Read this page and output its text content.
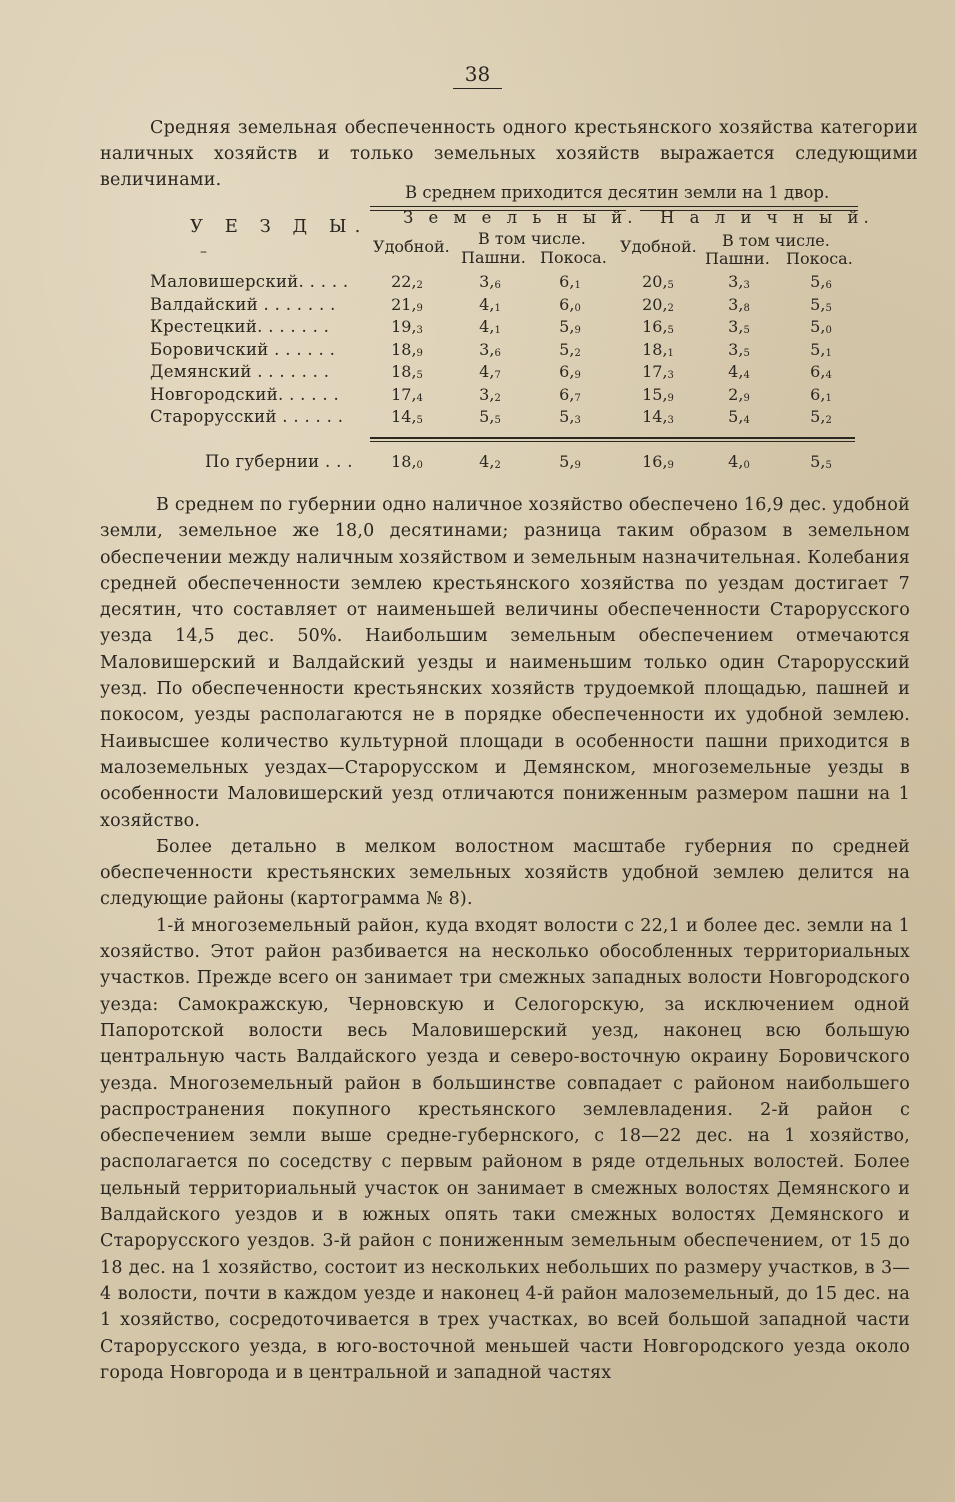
38
Средняя земельная обеспеченность одного крестьянского хозяйства категории наличных хозяйств и только земельных хозяйств выражается следующими величинами.
В среднем приходится десятин земли на 1 двор.
У Е З Д Ы.
–
З е м е л ь н ы й. Н а л и ч н ы й.
Удобной. В том числе.
Пашни. Покоса.
Удобной. В том числе.
Пашни. Покоса.
Маловишерский. . . . .	$22,_2$	$3,_6$	$6,_1$	$20,_5$	$3,_3$	$5,_6$
Валдайский . . . . . . .	$21,_9$	$4,_1$	$6,_0$	$20,_2$	$3,_8$	$5,_5$
Крестецкий. . . . . . .	$19,_3$	$4,_1$	$5,_9$	$16,_5$	$3,_5$	$5,_0$
Боровичский . . . . . .	$18,_9$	$3,_6$	$5,_2$	$18,_1$	$3,_5$	$5,_1$
Демянский . . . . . . .	$18,_5$	$4,_7$	$6,_9$	$17,_3$	$4,_4$	$6,_4$
Новгородский. . . . . .	$17,_4$	$3,_2$	$6,_7$	$15,_9$	$2,_9$	$6,_1$
Старорусский . . . . . .	$14,_5$	$5,_5$	$5,_3$	$14,_3$	$5,_4$	$5,_2$
По губернии . . .	$18,_0$	$4,_2$	$5,_9$	$16,_9$	$4,_0$	$5,_5$

В среднем по губернии одно наличное хозяйство обеспечено 16,9 дес. удобной земли, земельное же 18,0 десятинами; разница таким образом в земельном обеспечении между наличным хозяйством и земельным назначительная. Колебания средней обеспеченности землею крестьянского хозяйства по уездам достигает 7 десятин, что составляет от наименьшей величины обеспеченности Старорусского уезда 14,5 дес. 50%. Наибольшим земельным обеспечением отмечаются Маловишерский и Валдайский уезды и наименьшим только один Старорусский уезд. По обеспеченности крестьянских хозяйств трудоемкой площадью, пашней и покосом, уезды располагаются не в порядке обеспеченности их удобной землею. Наивысшее количество культурной площади в особенности пашни приходится в малоземельных уездах—Старорусском и Демянском, многоземельные уезды в особенности Маловишерский уезд отличаются пониженным размером пашни на 1 хозяйство.

Более детально в мелком волостном масштабе губерния по средней обеспеченности крестьянских земельных хозяйств удобной землею делится на следующие районы (картограмма № 8).

1-й многоземельный район, куда входят волости с 22,1 и более дес. земли на 1 хозяйство. Этот район разбивается на несколько обособленных территориальных участков. Прежде всего он занимает три смежных западных волости Новгородского уезда: Самокражскую, Черновскую и Селогорскую, за исключением одной Папоротской волости весь Маловишерский уезд, наконец всю большую центральную часть Валдайского уезда и северо-восточную окраину Боровичского уезда. Многоземельный район в большинстве совпадает с районом наибольшего распространения покупного крестьянского землевладения. 2-й район с обеспечением земли выше средне-губернского, с 18—22 дес. на 1 хозяйство, располагается по соседству с первым районом в ряде отдельных волостей. Более цельный территориальный участок он занимает в смежных волостях Демянского и Валдайского уездов и в южных опять таки смежных волостях Демянского и Старорусского уездов. 3-й район с пониженным земельным обеспечением, от 15 до 18 дес. на 1 хозяйство, состоит из нескольких небольших по размеру участков, в 3—4 волости, почти в каждом уезде и наконец 4-й район малоземельный, до 15 дес. на 1 хозяйство, сосредоточивается в трех участках, во всей большой западной части Старорусского уезда, в юго-восточной меньшей части Новгородского уезда около города Новгорода и в центральной и западной частях
